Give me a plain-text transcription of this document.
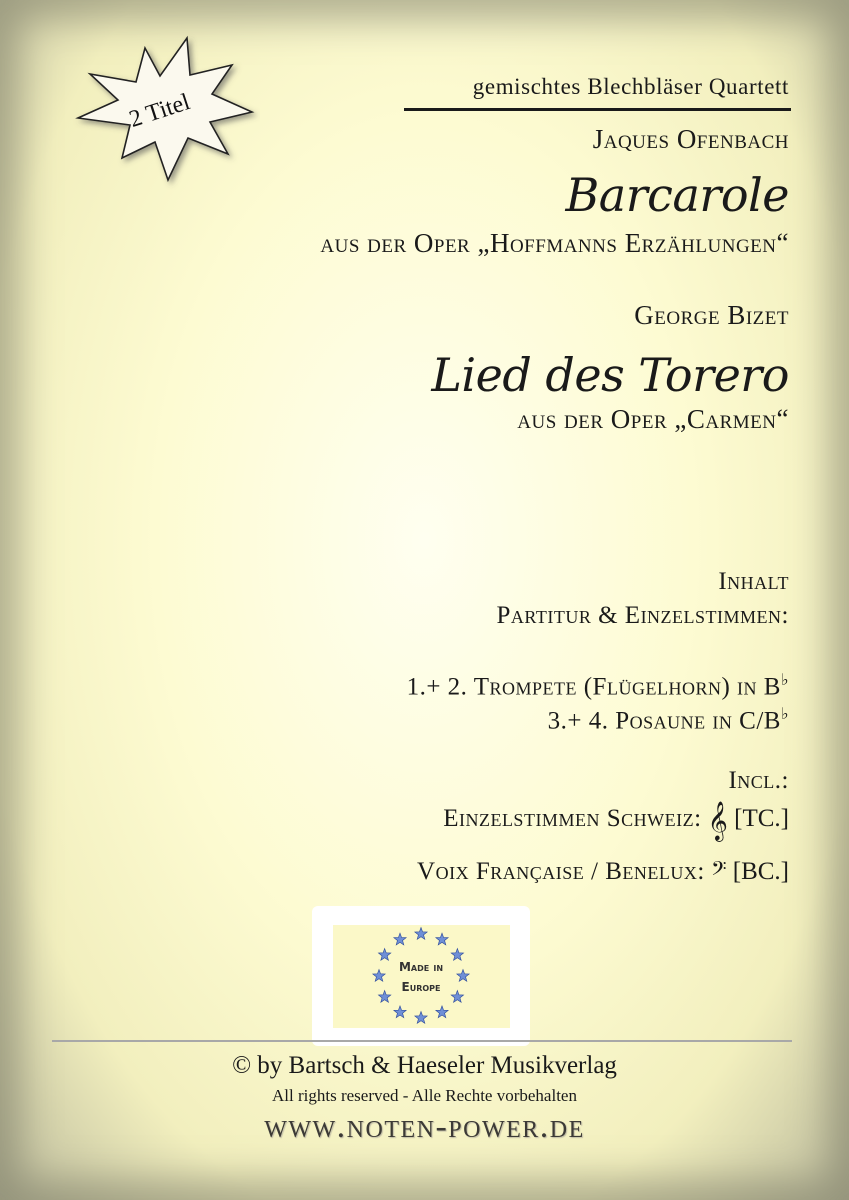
2 Titel
gemischtes Blechbläser Quartett
Jaques Ofenbach
Barcarole
aus der Oper „Hoffmanns Erzählungen“
George Bizet
Lied des Torero
aus der Oper „Carmen“
Inhalt
Partitur & Einzelstimmen:
1.+ 2. Trompete (Flügelhorn) in B♭
3.+ 4. Posaune in C/B♭
Incl.:
Einzelstimmen Schweiz: 𝄞 [TC.]
Voix Française / Benelux: 𝄢 [BC.]
Made in
Europe
© by Bartsch & Haeseler Musikverlag
All rights reserved - Alle Rechte vorbehalten
www.noten-power.de
